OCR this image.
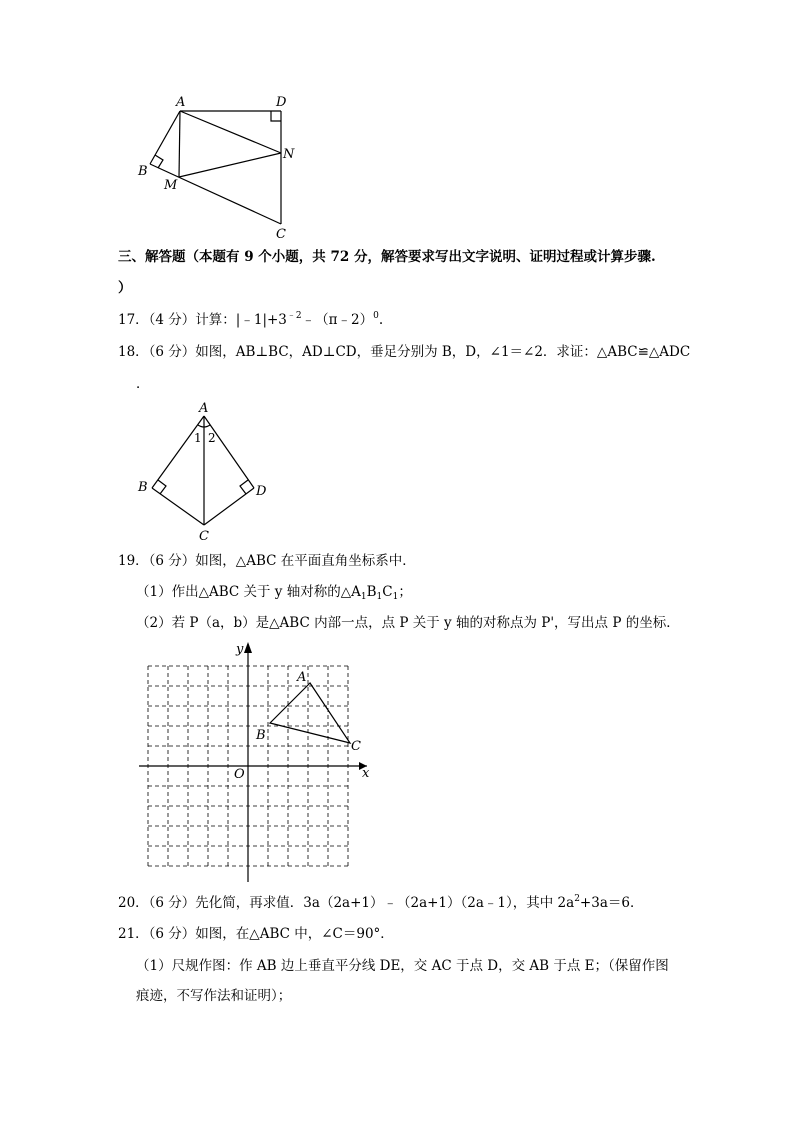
A	D
N
B
M
C
三、解答题（本题有 9 个小题，共 72 分，解答要求写出文字说明、证明过程或计算步骤.
）
17．（4 分）计算：$|﹣1|+3^{﹣2}﹣(\pi﹣2)^0$.
18．（6 分）如图，AB⊥BC，AD⊥CD，垂足分别为 B，D，∠1＝∠2．求证：△ABC≌△ADC
．
A
B
C
D
1 2
19．（6 分）如图，△ABC 在平面直角坐标系中．
（1）作出△ABC 关于 y 轴对称的$\triangle A_1B_1C_1$；
（2）若 P（a，b）是△ABC 内部一点，点 P 关于 y 轴的对称点为 P'，写出点 P 的坐标．
y
x
O
A
B
C
20．（6 分）先化简，再求值．3a（2a+1）﹣（2a+1）（2a﹣1），其中 $2a^2+3a=6$．
21．（6 分）如图，在△ABC 中，∠C＝90°．
（1）尺规作图：作 AB 边上垂直平分线 DE，交 AC 于点 D，交 AB 于点 E；（保留作图
痕迹，不写作法和证明）；
